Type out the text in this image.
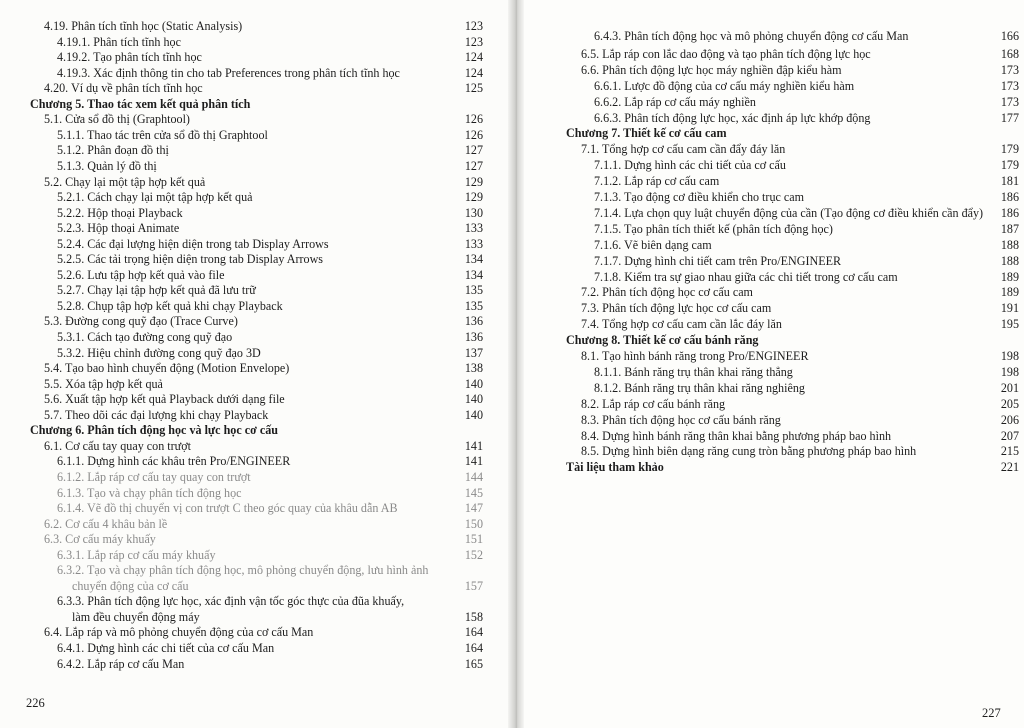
4.19. Phân tích tĩnh học (Static Analysis)	123
4.19.1. Phân tích tĩnh học	123
4.19.2. Tạo phân tích tĩnh học	124
4.19.3. Xác định thông tin cho tab Preferences trong phân tích tĩnh học	124
4.20. Ví dụ về phân tích tĩnh học	125
Chương 5. Thao tác xem kết quả phân tích
5.1. Cửa sổ đồ thị (Graphtool)	126
5.1.1. Thao tác trên cửa sổ đồ thị Graphtool	126
5.1.2. Phân đoạn đồ thị	127
5.1.3. Quản lý đồ thị	127
5.2. Chạy lại một tập hợp kết quả	129
5.2.1. Cách chạy lại một tập hợp kết quả	129
5.2.2. Hộp thoại Playback	130
5.2.3. Hộp thoại Animate	133
5.2.4. Các đại lượng hiện diện trong tab Display Arrows	133
5.2.5. Các tải trọng hiện diện trong tab Display Arrows	134
5.2.6. Lưu tập hợp kết quả vào file	134
5.2.7. Chạy lại tập hợp kết quả đã lưu trữ	135
5.2.8. Chụp tập hợp kết quả khi chạy Playback	135
5.3. Đường cong quỹ đạo (Trace Curve)	136
5.3.1. Cách tạo đường cong quỹ đạo	136
5.3.2. Hiệu chỉnh đường cong quỹ đạo 3D	137
5.4. Tạo bao hình chuyển động (Motion Envelope)	138
5.5. Xóa tập hợp kết quả	140
5.6. Xuất tập hợp kết quả Playback dưới dạng file	140
5.7. Theo dõi các đại lượng khi chạy Playback	140
Chương 6. Phân tích động học và lực học cơ cấu
6.1. Cơ cấu tay quay con trượt	141
6.1.1. Dựng hình các khâu trên Pro/ENGINEER	141
6.1.2. Lắp ráp cơ cấu tay quay con trượt	144
6.1.3. Tạo và chạy phân tích động học	145
6.1.4. Vẽ đồ thị chuyển vị con trượt C theo góc quay của khâu dẫn AB	147
6.2. Cơ cấu 4 khâu bản lề	150
6.3. Cơ cấu máy khuấy	151
6.3.1. Lắp ráp cơ cấu máy khuấy	152
6.3.2. Tạo và chạy phân tích động học, mô phỏng chuyển động, lưu hình ảnh
chuyển động của cơ cấu	157
6.3.3. Phân tích động lực học, xác định vận tốc góc thực của đũa khuấy,
làm đều chuyển động máy	158
6.4. Lắp ráp và mô phỏng chuyển động của cơ cấu Man	164
6.4.1. Dựng hình các chi tiết của cơ cấu Man	164
6.4.2. Lắp ráp cơ cấu Man	165
226
6.4.3. Phân tích động học và mô phỏng chuyển động cơ cấu Man	166
6.5. Lắp ráp con lắc dao động và tạo phân tích động lực học	168
6.6. Phân tích động lực học máy nghiền đập kiểu hàm	173
6.6.1. Lược đồ động của cơ cấu máy nghiền kiểu hàm	173
6.6.2. Lắp ráp cơ cấu máy nghiền	173
6.6.3. Phân tích động lực học, xác định áp lực khớp động	177
Chương 7. Thiết kế cơ cấu cam
7.1. Tổng hợp cơ cấu cam cần đẩy đáy lăn	179
7.1.1. Dựng hình các chi tiết của cơ cấu	179
7.1.2. Lắp ráp cơ cấu cam	181
7.1.3. Tạo động cơ điều khiển cho trục cam	186
7.1.4. Lựa chọn quy luật chuyển động của cần (Tạo động cơ điều khiển cần đẩy)	186
7.1.5. Tạo phân tích thiết kế (phân tích động học)	187
7.1.6. Vẽ biên dạng cam	188
7.1.7. Dựng hình chi tiết cam trên Pro/ENGINEER	188
7.1.8. Kiểm tra sự giao nhau giữa các chi tiết trong cơ cấu cam	189
7.2. Phân tích động học cơ cấu cam	189
7.3. Phân tích động lực học cơ cấu cam	191
7.4. Tổng hợp cơ cấu cam cần lắc đáy lăn	195
Chương 8. Thiết kế cơ cấu bánh răng
8.1. Tạo hình bánh răng trong Pro/ENGINEER	198
8.1.1. Bánh răng trụ thân khai răng thẳng	198
8.1.2. Bánh răng trụ thân khai răng nghiêng	201
8.2. Lắp ráp cơ cấu bánh răng	205
8.3. Phân tích động học cơ cấu bánh răng	206
8.4. Dựng hình bánh răng thân khai bằng phương pháp bao hình	207
8.5. Dựng hình biên dạng răng cung tròn bằng phương pháp bao hình	215
Tài liệu tham khảo	221
227
